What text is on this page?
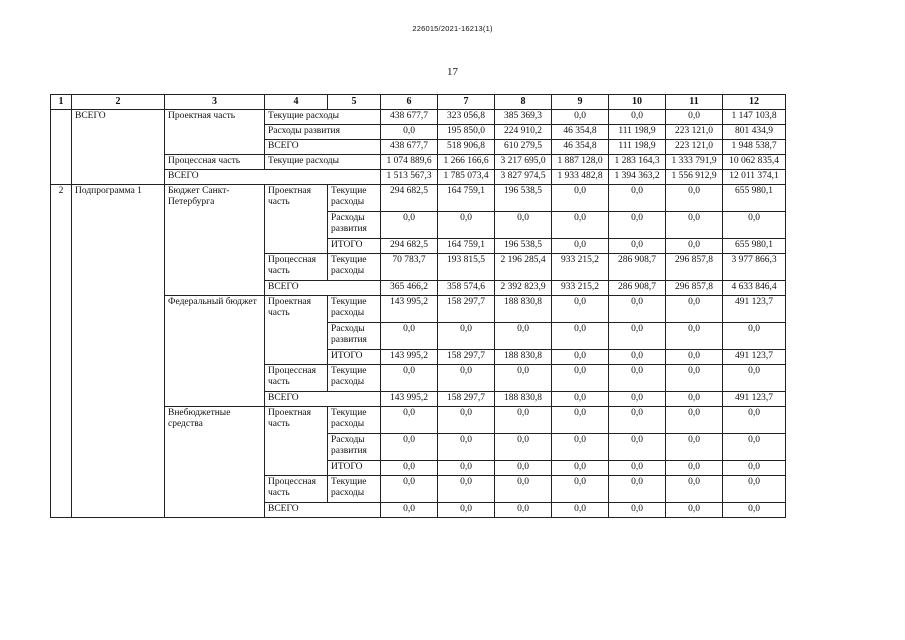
226015/2021-16213(1)
17
1	2	3	4	5	6	7	8	9	10	11	12
	ВСЕГО	Проектная часть	Текущие расходы		438 677,7	323 056,8	385 369,3	0,0	0,0	0,0	1 147 103,8
			Расходы развития		0,0	195 850,0	224 910,2	46 354,8	111 198,9	223 121,0	801 434,9
			ВСЕГО		438 677,7	518 906,8	610 279,5	46 354,8	111 198,9	223 121,0	1 948 538,7
		Процессная часть	Текущие расходы		1 074 889,6	1 266 166,6	3 217 695,0	1 887 128,0	1 283 164,3	1 333 791,9	10 062 835,4
		ВСЕГО			1 513 567,3	1 785 073,4	3 827 974,5	1 933 482,8	1 394 363,2	1 556 912,9	12 011 374,1
2	Подпрограмма 1	Бюджет Санкт-Петербурга	Проектная часть	Текущие расходы	294 682,5	164 759,1	196 538,5	0,0	0,0	0,0	655 980,1
				Расходы развития	0,0	0,0	0,0	0,0	0,0	0,0	0,0
				ИТОГО	294 682,5	164 759,1	196 538,5	0,0	0,0	0,0	655 980,1
			Процессная часть	Текущие расходы	70 783,7	193 815,5	2 196 285,4	933 215,2	286 908,7	296 857,8	3 977 866,3
			ВСЕГО		365 466,2	358 574,6	2 392 823,9	933 215,2	286 908,7	296 857,8	4 633 846,4
		Федеральный бюджет	Проектная часть	Текущие расходы	143 995,2	158 297,7	188 830,8	0,0	0,0	0,0	491 123,7
				Расходы развития	0,0	0,0	0,0	0,0	0,0	0,0	0,0
				ИТОГО	143 995,2	158 297,7	188 830,8	0,0	0,0	0,0	491 123,7
			Процессная часть	Текущие расходы	0,0	0,0	0,0	0,0	0,0	0,0	0,0
			ВСЕГО		143 995,2	158 297,7	188 830,8	0,0	0,0	0,0	491 123,7
		Внебюджетные средства	Проектная часть	Текущие расходы	0,0	0,0	0,0	0,0	0,0	0,0	0,0
				Расходы развития	0,0	0,0	0,0	0,0	0,0	0,0	0,0
				ИТОГО	0,0	0,0	0,0	0,0	0,0	0,0	0,0
			Процессная часть	Текущие расходы	0,0	0,0	0,0	0,0	0,0	0,0	0,0
			ВСЕГО		0,0	0,0	0,0	0,0	0,0	0,0	0,0
